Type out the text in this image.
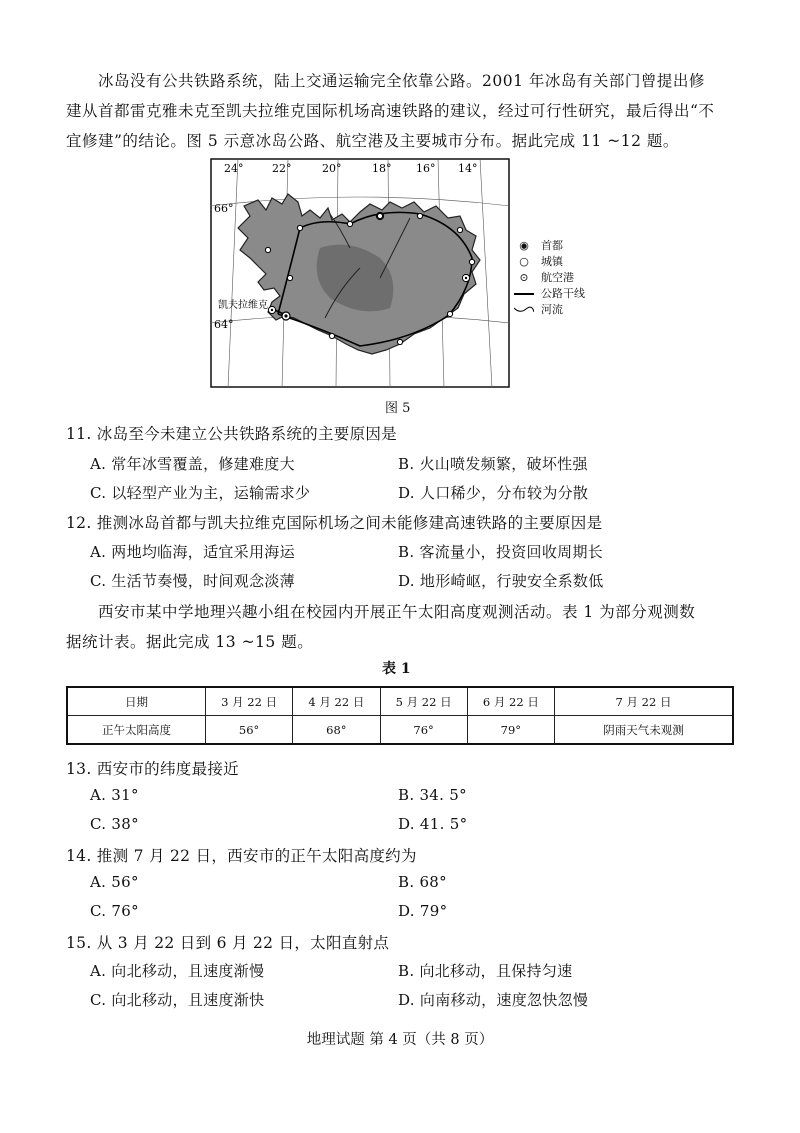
冰岛没有公共铁路系统，陆上交通运输完全依靠公路。2001 年冰岛有关部门曾提出修
建从首都雷克雅未克至凯夫拉维克国际机场高速铁路的建议，经过可行性研究，最后得出“不
宜修建”的结论。图 5 示意冰岛公路、航空港及主要城市分布。据此完成 11 ~12 题。
24°	22°	20°	18° 16° 14°
66°
64°
凯夫拉维克
◉	首都
○	城镇
⊙	航空港
公路干线
河流
图 5
11. 冰岛至今未建立公共铁路系统的主要原因是
A. 常年冰雪覆盖，修建难度大	B. 火山喷发频繁，破坏性强
C. 以轻型产业为主，运输需求少	D. 人口稀少，分布较为分散
12. 推测冰岛首都与凯夫拉维克国际机场之间未能修建高速铁路的主要原因是
A. 两地均临海，适宜采用海运	B. 客流量小，投资回收周期长
C. 生活节奏慢，时间观念淡薄	D. 地形崎岖，行驶安全系数低
西安市某中学地理兴趣小组在校园内开展正午太阳高度观测活动。表 1 为部分观测数
据统计表。据此完成 13 ~15 题。
表 1
日期	3 月 22 日	4 月 22 日	5 月 22 日	6 月 22 日	7 月 22 日
正午太阳高度	56°	68°	76°	79°	阴雨天气未观测
13. 西安市的纬度最接近
A. 31°	B. 34. 5°
C. 38°	D. 41. 5°
14. 推测 7 月 22 日，西安市的正午太阳高度约为
A. 56°	B. 68°
C. 76°	D. 79°
15. 从 3 月 22 日到 6 月 22 日，太阳直射点
A. 向北移动，且速度渐慢	B. 向北移动，且保持匀速
C. 向北移动，且速度渐快	D. 向南移动，速度忽快忽慢
地理试题 第 4 页（共 8 页）
